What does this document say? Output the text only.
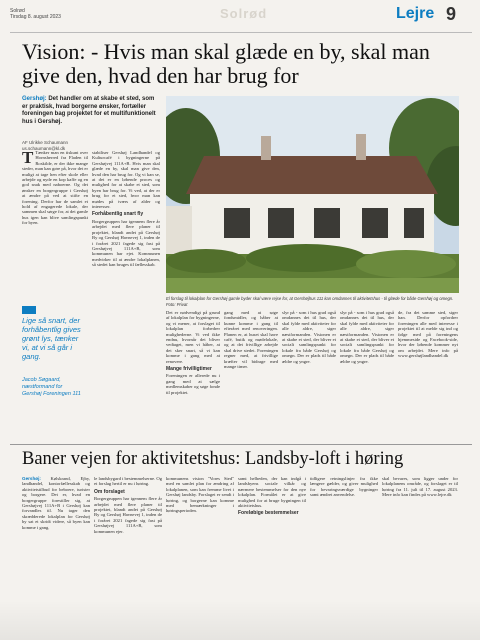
Solrød
Tirsdag 8. august 2023	Solrød	Lejre 9
Vision: - Hvis man skal glæde en by, skal man give den, hvad den har brug for
Gershøj: Det handler om at skabe et sted, som er praktisk, hvad borgerne ønsker, fortæller foreningen bag projektet for et multifunktionelt hus i Gershøj.
AF Ulrikke Schaumann
us.schaumann@kl.dk
El forslag til lokalplan for Gershøj gamle byder skal være rejse for, at Gershøjhus 111 kan omdannes til aktivitetshus - til glæde for både Gershøj og omegn. Foto: Privat
T Tænker man en tiskunt over Hornsherred fra Fladen til Roskilde, er der ikke mange steder, man kan gøre på, hvor det er muligt at tage hen efter skole eller arbejde og nyde en kop kaffe og en god snak med naboerne. Og det ønsker en borgergruppe i Gershøj at ændre på ved at stifte en forening. Derfor har de samlet et hold af engagerede lokale, der sammen skal sørge for, at det gamle hus igen kan blive samlingspunkt for byen.
stabiliser Gershøj Landhandel og Kulturcafé i bygningerne på Gershøjvej 111A+B. Hvis man skal glæde en by, skal man give den, hvad den har brug for. Og vi kan se, at det er en løbende proces og mulighed for at skabe et sted, som byen har brug for. Vi ved, at der er brug for et sted, hvor man kan mødes på tværs af alder og interesser.
Forhåbentlig snart fly
Borgergruppen har igennem flere år arbejdet med flere planer til projektet, blandt andet på Gershøj By og Gershøj Havnevej 1, inden de i foråret 2021 fagede sig fast på Gershøjvej 111A+B, som kommunen har ejet. Kommunen medvirker til at ændre lokalplanen, så stedet kan bruges til fællesskab.
Lige så snart, der forhåbentlig gives grønt lys, tænker vi, at vi så går i gang.
Jacob Søgaard, næstformand for Gershøj Foreningen 111
Det er nødvendigt på grund af lokalplan for bygningerne, og vi mener, at forslaget til lokalplan forbedrer mulighederne. Vi ved ikke endnu, hvornår det bliver vedtaget, men vi håber, at det sker snart, så vi kan komme i gang med at renovere.
Mange frivilligtimer
Foreningen er allerede nu i gang med at sælge medlemskaber og søge fonde til projektet.
gang med at søge fondsmidler, og håber at kunne komme i gang til efteråret med renoveringen. Planen er, at huset skal have café, butik og mødelokale, og at det frivillige arbejde skal drive stedet. Foreningen regner med, at frivillige kræfter vil bidrage med mange timer.
slyr på - som i hus grad også omdannes det til hus, der skal fylde med aktiviteter for alle aldre, siger næstformanden. Visionen er at skabe et sted, der bliver et socialt samlingspunkt for lokale fra både Gershøj og omegn. Der er plads til både ældre og yngre.
slyr på - som i hus grad også omdannes det til hus, der skal fylde med aktiviteter for alle aldre, siger næstformanden. Visionen er at skabe et sted, der bliver et socialt samlingspunkt for lokale fra både Gershøj og omegn. Der er plads til både ældre og yngre.
de, fra det samme sted, siger han. Derfor opfordrer foreningen alle med interesse i projektet til at melde sig ind og følge med på foreningens hjemmeside og Facebook-side, hvor der løbende kommer nyt om arbejdet. Mere info på www.gershøjlandhandel.dk
Baner vejen for aktivitetshus: Landsby-loft i høring
Gershøj: Kølskrand, Ejby, landhandel, kontorfællesskab og aktivitetstilbud for beboere, turister og borgere. Det er, hvad en borgergruppe forestiller sig, at Gershøjvej 111A+B i Gershøj kan forvandles til. Nu tager den skrædderede lokalplan for Gershøj by sat et skridt videre, så byen kan komme i gang.
le landsbygard i bestemmelserne. Og et forslag hertil er nu i høring.
Om forslaget
Borgergruppen har igennem flere år arbejdet med flere planer til projektet, blandt andet på Gershøj By og Gershøj Havnevej 1, inden de i foråret 2021 fagede sig fast på Gershøjvej 111A+B, som kommunen ejer.
kommunens vision "Vores Sted" med en samlet plan for ændring af lokalplanen, som kan fremme livet i Gershøj landsby. Forslaget er sendt i høring, og borgerne kan komme med bemærkninger i høringsperioden.
samt helheden, der kan indgå i landsbyens sociale vilkår og nærmere bestemmelser for den nye lokalplan. Formålet er at give mulighed for at bruge bygningen til aktivitetshus.
Foreløbige bestemmelser
tidligere retningslinjer fra ikke længere gælder, og giver mulighed for bevaringsværdige bygninger samt ændret anvendelse.
skal bevares, som ligger under for lokalplanens område, og forslaget er til høring fra 11. juli til 17. august 2023. Mere info kan findes på www.lejre.dk
